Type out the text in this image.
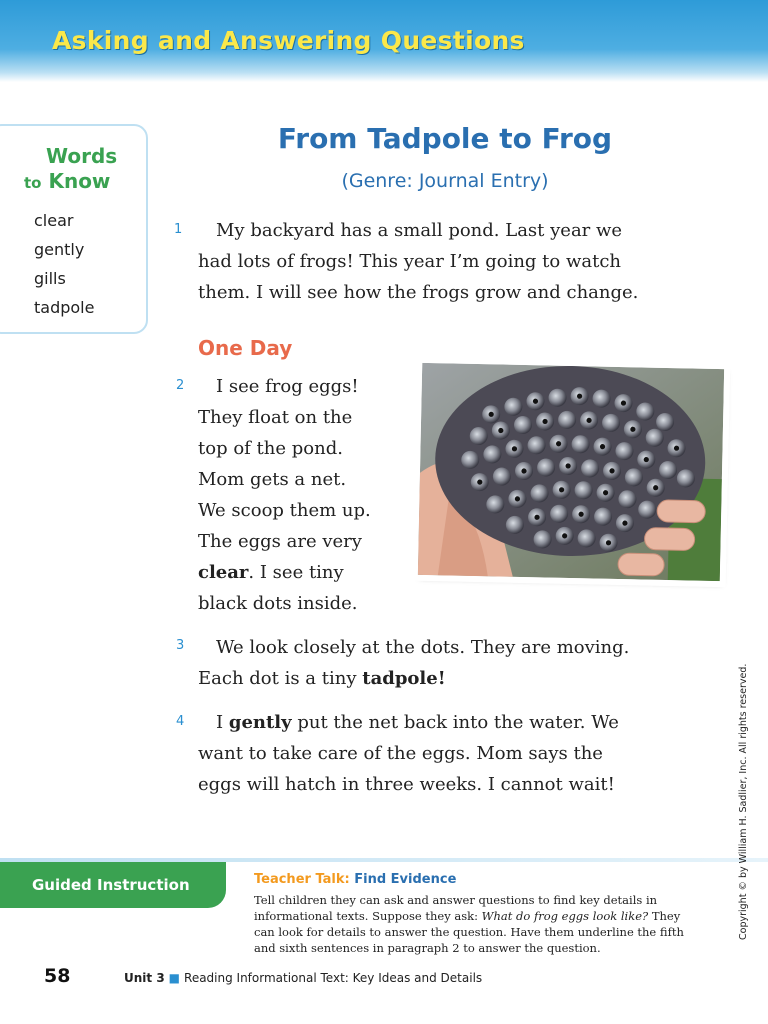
Asking and Answering Questions
Words
to Know
clear
gently
gills
tadpole
From Tadpole to Frog
(Genre: Journal Entry)
1	My backyard has a small pond. Last year we
had lots of frogs! This year I’m going to watch
them. I will see how the frogs grow and change.
One Day
2	I see frog eggs!
They float on the
top of the pond.
Mom gets a net.
We scoop them up.
The eggs are very
clear. I see tiny
black dots inside.
3	We look closely at the dots. They are moving.
Each dot is a tiny tadpole!
4	I gently put the net back into the water. We
want to take care of the eggs. Mom says the
eggs will hatch in three weeks. I cannot wait!
Guided Instruction	Teacher Talk: Find Evidence
Tell children they can ask and answer questions to find key details in informational texts. Suppose they ask: What do frog eggs look like? They can look for details to answer the question. Have them underline the fifth and sixth sentences in paragraph 2 to answer the question.
58	Unit 3 ■ Reading Informational Text: Key Ideas and Details
Copyright © by William H. Sadlier, Inc. All rights reserved.
